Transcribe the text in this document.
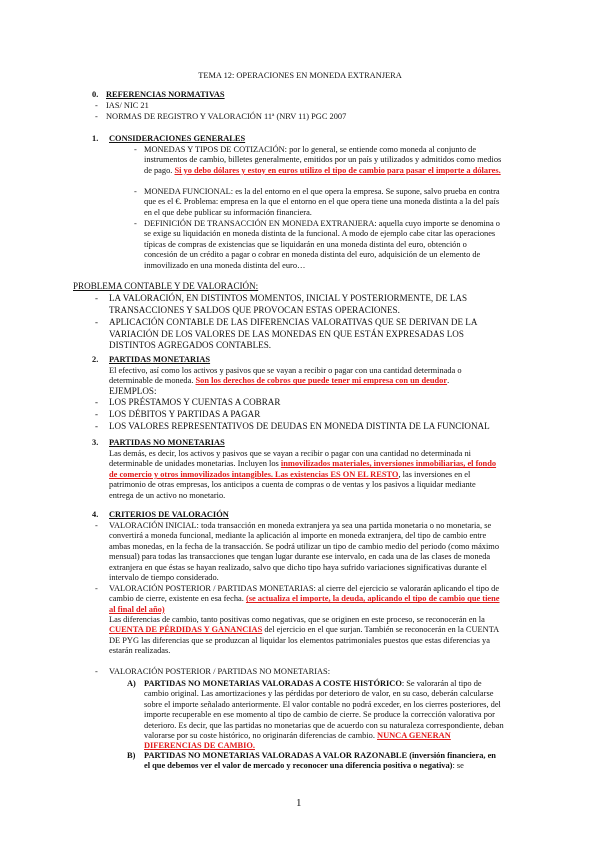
TEMA 12: OPERACIONES EN MONEDA EXTRANJERA
0. REFERENCIAS NORMATIVAS
- IAS/ NIC 21
- NORMAS DE REGISTRO Y VALORACIÓN 11ª (NRV 11) PGC 2007
1. CONSIDERACIONES GENERALES
- MONEDAS Y TIPOS DE COTIZACIÓN: por lo general, se entiende como moneda al conjunto de instrumentos de cambio, billetes generalmente, emitidos por un país y utilizados y admitidos como medios de pago. Si yo debo dólares y estoy en euros utilizo el tipo de cambio para pasar el importe a dólares.
- MONEDA FUNCIONAL: es la del entorno en el que opera la empresa. Se supone, salvo prueba en contra que es el €. Problema: empresa en la que el entorno en el que opera tiene una moneda distinta a la del país en el que debe publicar su información financiera.
- DEFINICIÓN DE TRANSACCIÓN EN MONEDA EXTRANJERA: aquella cuyo importe se denomina o se exige su liquidación en moneda distinta de la funcional. A modo de ejemplo cabe citar las operaciones típicas de compras de existencias que se liquidarán en una moneda distinta del euro, obtención o concesión de un crédito a pagar o cobrar en moneda distinta del euro, adquisición de un elemento de inmovilizado en una moneda distinta del euro…
PROBLEMA CONTABLE Y DE VALORACIÓN:
- LA VALORACIÓN, EN DISTINTOS MOMENTOS, INICIAL Y POSTERIORMENTE, DE LAS TRANSACCIONES Y SALDOS QUE PROVOCAN ESTAS OPERACIONES.
- APLICACIÓN CONTABLE DE LAS DIFERENCIAS VALORATIVAS QUE SE DERIVAN DE LA VARIACIÓN DE LOS VALORES DE LAS MONEDAS EN QUE ESTÁN EXPRESADAS LOS DISTINTOS AGREGADOS CONTABLES.
2. PARTIDAS MONETARIAS
El efectivo, así como los activos y pasivos que se vayan a recibir o pagar con una cantidad determinada o determinable de moneda. Son los derechos de cobros que puede tener mi empresa con un deudor.
EJEMPLOS:
- LOS PRÉSTAMOS Y CUENTAS A COBRAR
- LOS DÉBITOS Y PARTIDAS A PAGAR
- LOS VALORES REPRESENTATIVOS DE DEUDAS EN MONEDA DISTINTA DE LA FUNCIONAL
3. PARTIDAS NO MONETARIAS
Las demás, es decir, los activos y pasivos que se vayan a recibir o pagar con una cantidad no determinada ni determinable de unidades monetarias. Incluyen los inmovilizados materiales, inversiones inmobiliarias, el fondo de comercio y otros inmovilizados intangibles. Las existencias ES ON EL RESTO, las inversiones en el patrimonio de otras empresas, los anticipos a cuenta de compras o de ventas y los pasivos a liquidar mediante entrega de un activo no monetario.
4. CRITERIOS DE VALORACIÓN
- VALORACIÓN INICIAL: toda transacción en moneda extranjera ya sea una partida monetaria o no monetaria, se convertirá a moneda funcional, mediante la aplicación al importe en moneda extranjera, del tipo de cambio entre ambas monedas, en la fecha de la transacción. Se podrá utilizar un tipo de cambio medio del periodo (como máximo mensual) para todas las transacciones que tengan lugar durante ese intervalo, en cada una de las clases de moneda extranjera en que éstas se hayan realizado, salvo que dicho tipo haya sufrido variaciones significativas durante el intervalo de tiempo considerado.
- VALORACIÓN POSTERIOR / PARTIDAS MONETARIAS: al cierre del ejercicio se valorarán aplicando el tipo de cambio de cierre, existente en esa fecha. (se actualiza el importe, la deuda, aplicando el tipo de cambio que tiene al final del año)
Las diferencias de cambio, tanto positivas como negativas, que se originen en este proceso, se reconocerán en la CUENTA DE PÉRDIDAS Y GANANCIAS del ejercicio en el que surjan. También se reconocerán en la CUENTA DE PYG las diferencias que se produzcan al liquidar los elementos patrimoniales puestos que estas diferencias ya estarán realizadas.
- VALORACIÓN POSTERIOR / PARTIDAS NO MONETARIAS:
A) PARTIDAS NO MONETARIAS VALORADAS A COSTE HISTÓRICO: Se valorarán al tipo de cambio original. Las amortizaciones y las pérdidas por deterioro de valor, en su caso, deberán calcularse sobre el importe señalado anteriormente. El valor contable no podrá exceder, en los cierres posteriores, del importe recuperable en ese momento al tipo de cambio de cierre. Se produce la corrección valorativa por deterioro. Es decir, que las partidas no monetarias que de acuerdo con su naturaleza correspondiente, deban valorarse por su coste histórico, no originarán diferencias de cambio. NUNCA GENERAN DIFERENCIAS DE CAMBIO.
B) PARTIDAS NO MONETARIAS VALORADAS A VALOR RAZONABLE (inversión financiera, en el que debemos ver el valor de mercado y reconocer una diferencia positiva o negativa): se
1
